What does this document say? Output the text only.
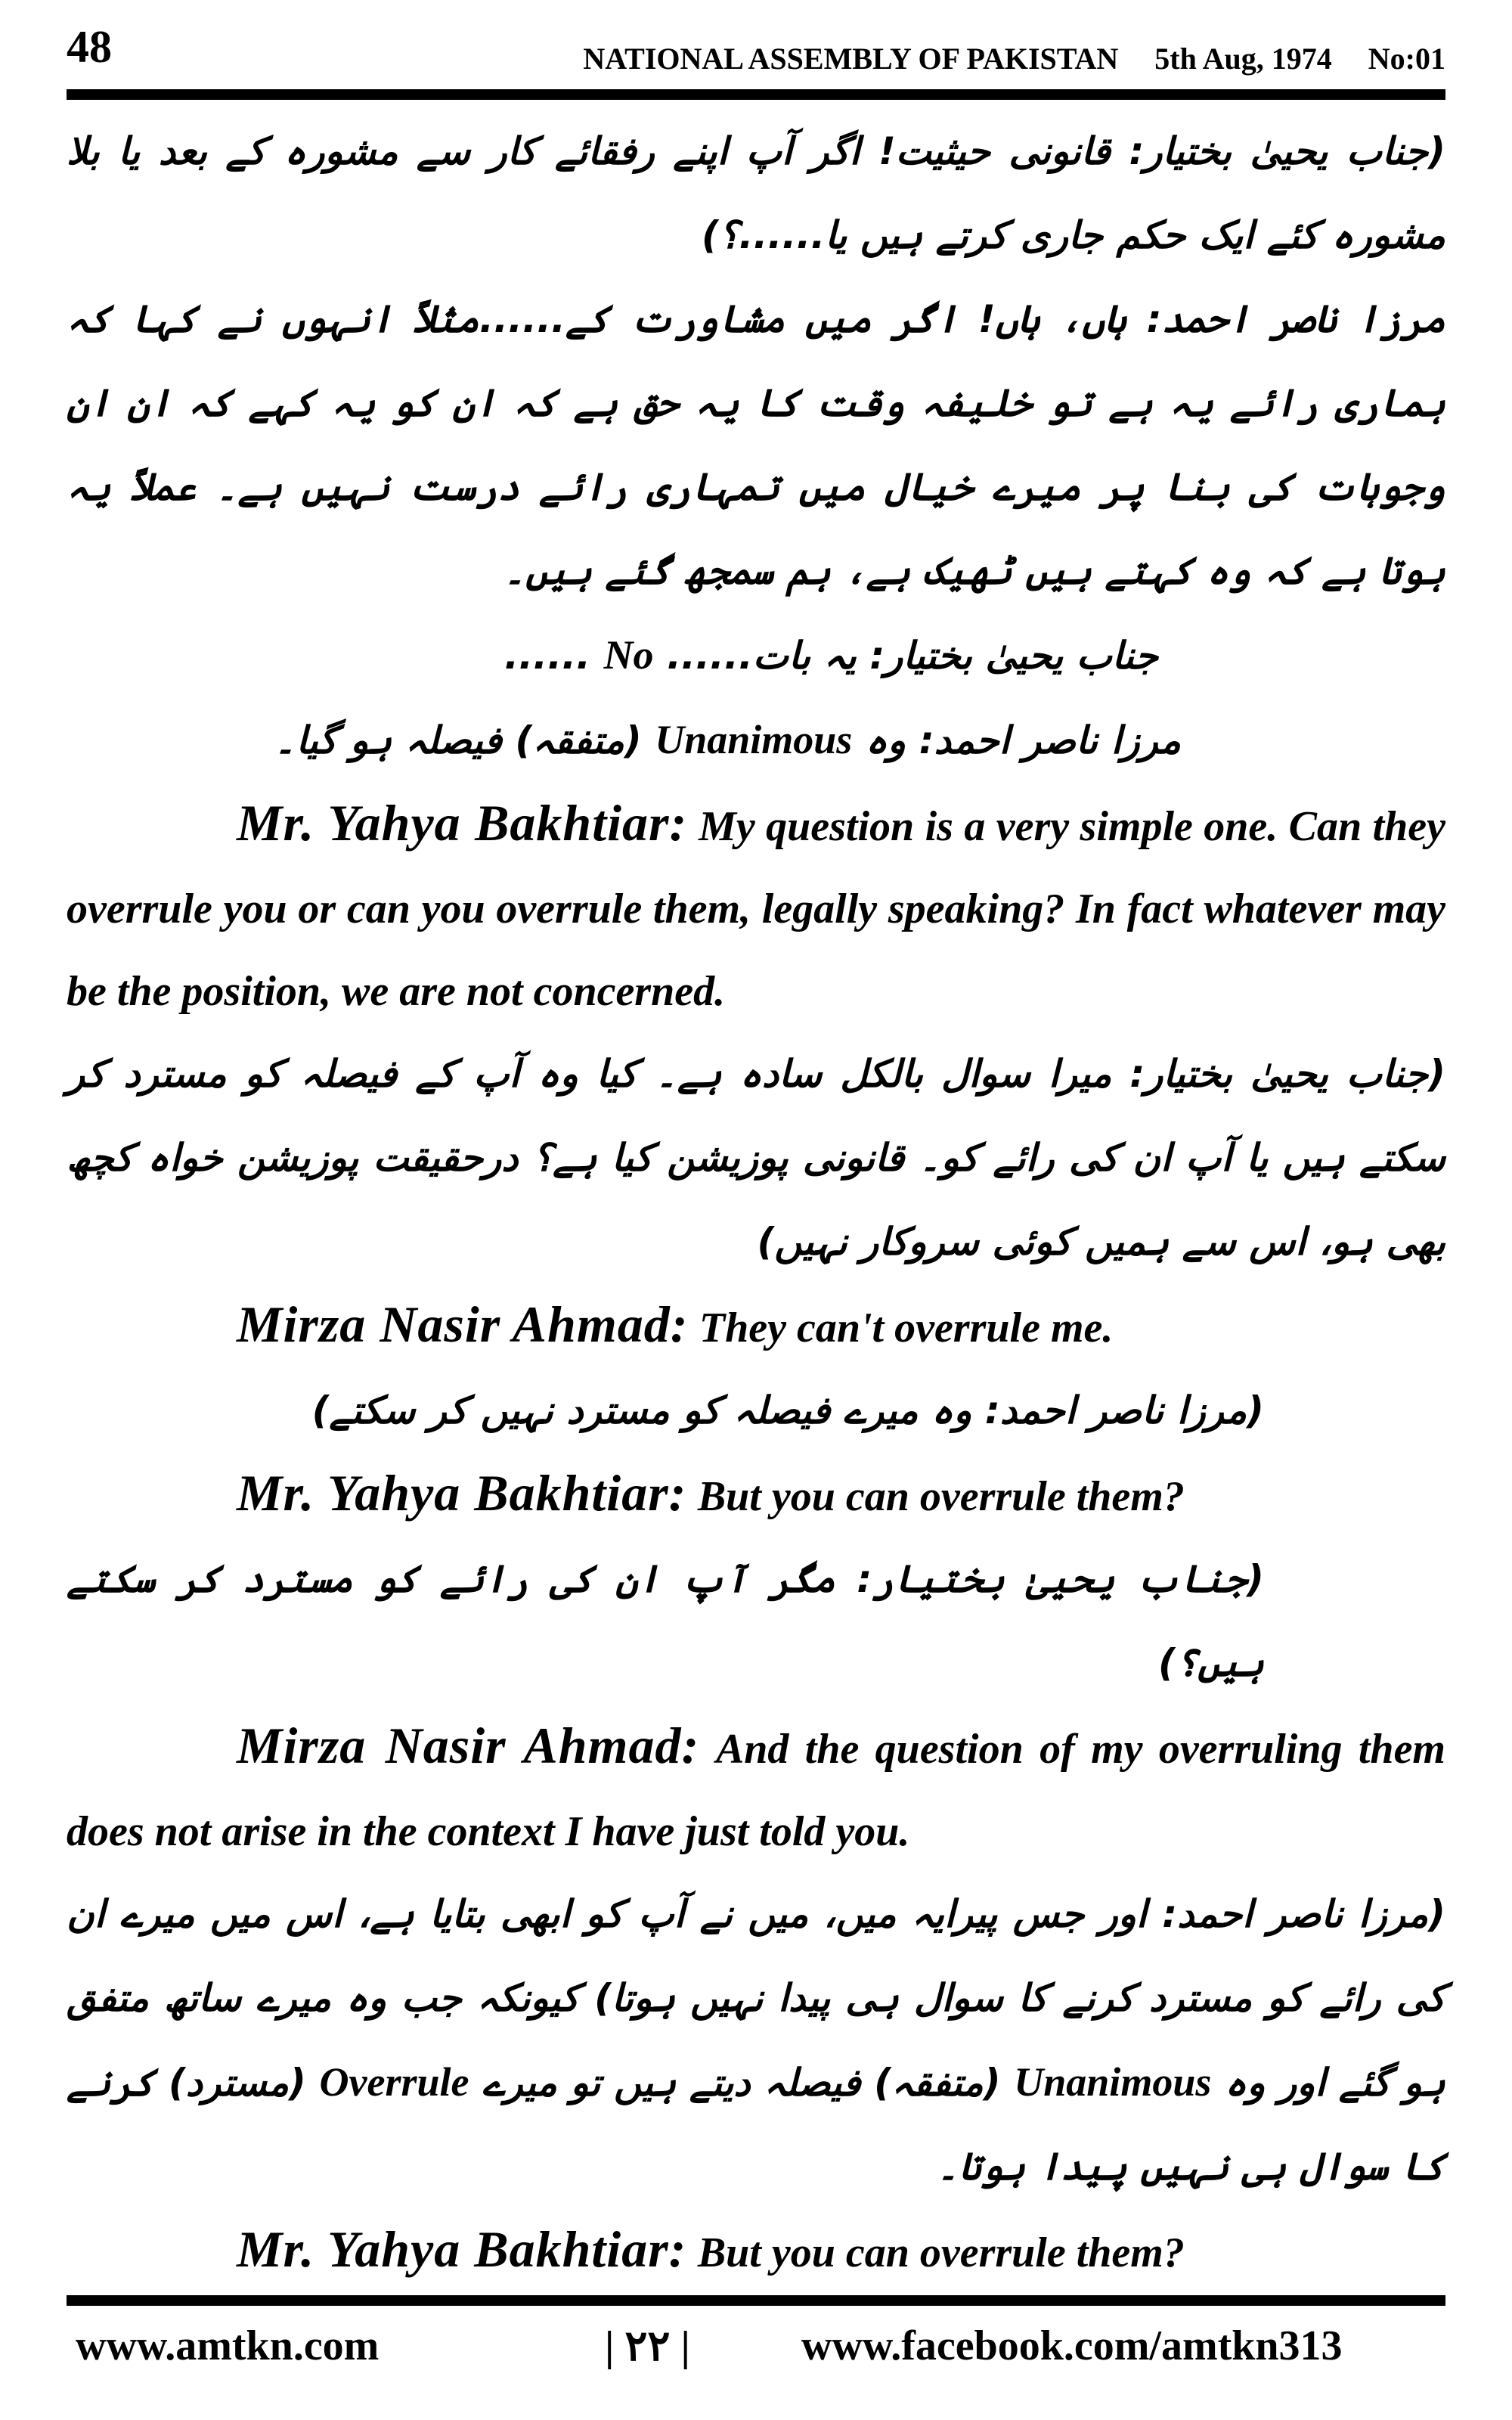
48	NATIONAL ASSEMBLY OF PAKISTAN 5th Aug, 1974 No:01

(جناب یحییٰ بختیار: قانونی حیثیت! اگر آپ اپنے رفقائے کار سے مشورہ کے بعد یا بلا مشورہ کئے ایک حکم جاری کرتے ہیں یا......؟)

مرزا ناصر احمد: ہاں، ہاں! اگر میں مشاورت کے......مثلاً انہوں نے کہا کہ ہماری رائے یہ ہے تو خلیفہ وقت کا یہ حق ہے کہ ان کو یہ کہے کہ ان ان وجوہات کی بنا پر میرے خیال میں تمہاری رائے درست نہیں ہے۔ عملاً یہ ہوتا ہے کہ وہ کہتے ہیں ٹھیک ہے، ہم سمجھ گئے ہیں۔

جناب یحییٰ بختیار: یہ بات...... No ......

مرزا ناصر احمد: وہ Unanimous (متفقہ) فیصلہ ہو گیا۔

Mr. Yahya Bakhtiar: My question is a very simple one. Can they overrule you or can you overrule them, legally speaking? In fact whatever may be the position, we are not concerned.

(جناب یحییٰ بختیار: میرا سوال بالکل سادہ ہے۔ کیا وہ آپ کے فیصلہ کو مسترد کر سکتے ہیں یا آپ ان کی رائے کو۔ قانونی پوزیشن کیا ہے؟ درحقیقت پوزیشن خواہ کچھ بھی ہو، اس سے ہمیں کوئی سروکار نہیں)

Mirza Nasir Ahmad: They can't overrule me.

(مرزا ناصر احمد: وہ میرے فیصلہ کو مسترد نہیں کر سکتے)

Mr. Yahya Bakhtiar: But you can overrule them?

(جناب یحییٰ بختیار: مگر آپ ان کی رائے کو مسترد کر سکتے ہیں؟)

Mirza Nasir Ahmad: And the question of my overruling them does not arise in the context I have just told you.

(مرزا ناصر احمد: اور جس پیرایہ میں، میں نے آپ کو ابھی بتایا ہے، اس میں میرے ان کی رائے کو مسترد کرنے کا سوال ہی پیدا نہیں ہوتا) کیونکہ جب وہ میرے ساتھ متفق ہو گئے اور وہ Unanimous (متفقہ) فیصلہ دیتے ہیں تو میرے Overrule (مسترد) کرنے کا سوال ہی نہیں پیدا ہوتا۔

Mr. Yahya Bakhtiar: But you can overrule them?

www.amtkn.com	| ۲۲ |	www.facebook.com/amtkn313
